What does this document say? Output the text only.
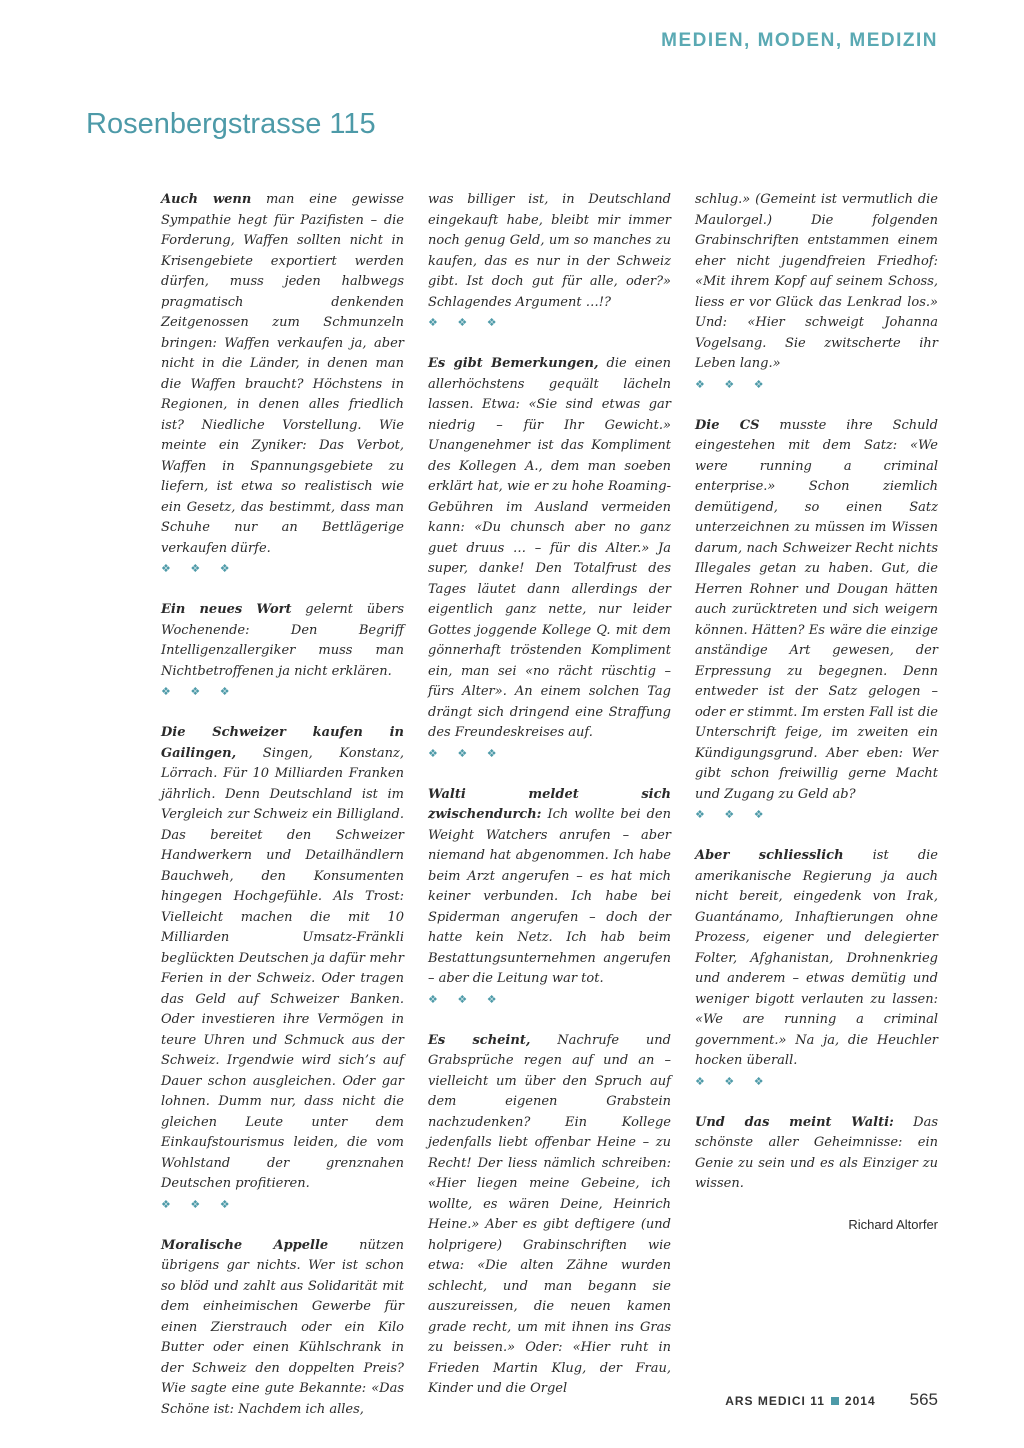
MEDIEN, MODEN, MEDIZIN
Rosenbergstrasse 115

Auch wenn man eine gewisse Sympathie hegt für Pazifisten – die Forderung, Waffen sollten nicht in Krisengebiete exportiert werden dürfen, muss jeden halbwegs pragmatisch denkenden Zeitgenossen zum Schmunzeln bringen: Waffen verkaufen ja, aber nicht in die Länder, in denen man die Waffen braucht? Höchstens in Regionen, in denen alles friedlich ist? Niedliche Vorstellung. Wie meinte ein Zyniker: Das Verbot, Waffen in Spannungsgebiete zu liefern, ist etwa so realistisch wie ein Gesetz, das bestimmt, dass man Schuhe nur an Bettlägerige verkaufen dürfe.

❖ ❖ ❖

Ein neues Wort gelernt übers Wochenende: Den Begriff Intelligenzallergiker muss man Nichtbetroffenen ja nicht erklären.

❖ ❖ ❖

Die Schweizer kaufen in Gailingen, Singen, Konstanz, Lörrach. Für 10 Milliarden Franken jährlich. Denn Deutschland ist im Vergleich zur Schweiz ein Billigland. Das bereitet den Schweizer Handwerkern und Detailhändlern Bauchweh, den Konsumenten hingegen Hochgefühle. Als Trost: Vielleicht machen die mit 10 Milliarden Umsatz-Fränkli beglückten Deutschen ja dafür mehr Ferien in der Schweiz. Oder tragen das Geld auf Schweizer Banken. Oder investieren ihre Vermögen in teure Uhren und Schmuck aus der Schweiz. Irgendwie wird sich’s auf Dauer schon ausgleichen. Oder gar lohnen. Dumm nur, dass nicht die gleichen Leute unter dem Einkaufstourismus leiden, die vom Wohlstand der grenznahen Deutschen profitieren.

❖ ❖ ❖

Moralische Appelle nützen übrigens gar nichts. Wer ist schon so blöd und zahlt aus Solidarität mit dem einheimischen Gewerbe für einen Zierstrauch oder ein Kilo Butter oder einen Kühlschrank in der Schweiz den doppelten Preis? Wie sagte eine gute Bekannte: «Das Schöne ist: Nachdem ich alles,

was billiger ist, in Deutschland eingekauft habe, bleibt mir immer noch genug Geld, um so manches zu kaufen, das es nur in der Schweiz gibt. Ist doch gut für alle, oder?» Schlagendes Argument …!?

❖ ❖ ❖

Es gibt Bemerkungen, die einen allerhöchstens gequält lächeln lassen. Etwa: «Sie sind etwas gar niedrig – für Ihr Gewicht.» Unangenehmer ist das Kompliment des Kollegen A., dem man soeben erklärt hat, wie er zu hohe Roaming-Gebühren im Ausland vermeiden kann: «Du chunsch aber no ganz guet druus … – für dis Alter.» Ja super, danke! Den Totalfrust des Tages läutet dann allerdings der eigentlich ganz nette, nur leider Gottes joggende Kollege Q. mit dem gönnerhaft tröstenden Kompliment ein, man sei «no rächt rüschtig – fürs Alter». An einem solchen Tag drängt sich dringend eine Straffung des Freundeskreises auf.

❖ ❖ ❖

Walti meldet sich zwischendurch: Ich wollte bei den Weight Watchers anrufen – aber niemand hat abgenommen. Ich habe beim Arzt angerufen – es hat mich keiner verbunden. Ich habe bei Spiderman angerufen – doch der hatte kein Netz. Ich hab beim Bestattungsunternehmen angerufen – aber die Leitung war tot.

❖ ❖ ❖

Es scheint, Nachrufe und Grabsprüche regen auf und an – vielleicht um über den Spruch auf dem eigenen Grabstein nachzudenken? Ein Kollege jedenfalls liebt offenbar Heine – zu Recht! Der liess nämlich schreiben: «Hier liegen meine Gebeine, ich wollte, es wären Deine, Heinrich Heine.» Aber es gibt deftigere (und holprigere) Grabinschriften wie etwa: «Die alten Zähne wurden schlecht, und man begann sie auszureissen, die neuen kamen grade recht, um mit ihnen ins Gras zu beissen.» Oder: «Hier ruht in Frieden Martin Klug, der Frau, Kinder und die Orgel

schlug.» (Gemeint ist vermutlich die Maulorgel.) Die folgenden Grabinschriften entstammen einem eher nicht jugendfreien Friedhof: «Mit ihrem Kopf auf seinem Schoss, liess er vor Glück das Lenkrad los.» Und: «Hier schweigt Johanna Vogelsang. Sie zwitscherte ihr Leben lang.»

❖ ❖ ❖

Die CS musste ihre Schuld eingestehen mit dem Satz: «We were running a criminal enterprise.» Schon ziemlich demütigend, so einen Satz unterzeichnen zu müssen im Wissen darum, nach Schweizer Recht nichts Illegales getan zu haben. Gut, die Herren Rohner und Dougan hätten auch zurücktreten und sich weigern können. Hätten? Es wäre die einzige anständige Art gewesen, der Erpressung zu begegnen. Denn entweder ist der Satz gelogen – oder er stimmt. Im ersten Fall ist die Unterschrift feige, im zweiten ein Kündigungsgrund. Aber eben: Wer gibt schon freiwillig gerne Macht und Zugang zu Geld ab?

❖ ❖ ❖

Aber schliesslich ist die amerikanische Regierung ja auch nicht bereit, eingedenk von Irak, Guantánamo, Inhaftierungen ohne Prozess, eigener und delegierter Folter, Afghanistan, Drohnenkrieg und anderem – etwas demütig und weniger bigott verlauten zu lassen: «We are running a criminal government.» Na ja, die Heuchler hocken überall.

❖ ❖ ❖

Und das meint Walti: Das schönste aller Geheimnisse: ein Genie zu sein und es als Einziger zu wissen.

Richard Altorfer
ARS MEDICI 11 2014 565
